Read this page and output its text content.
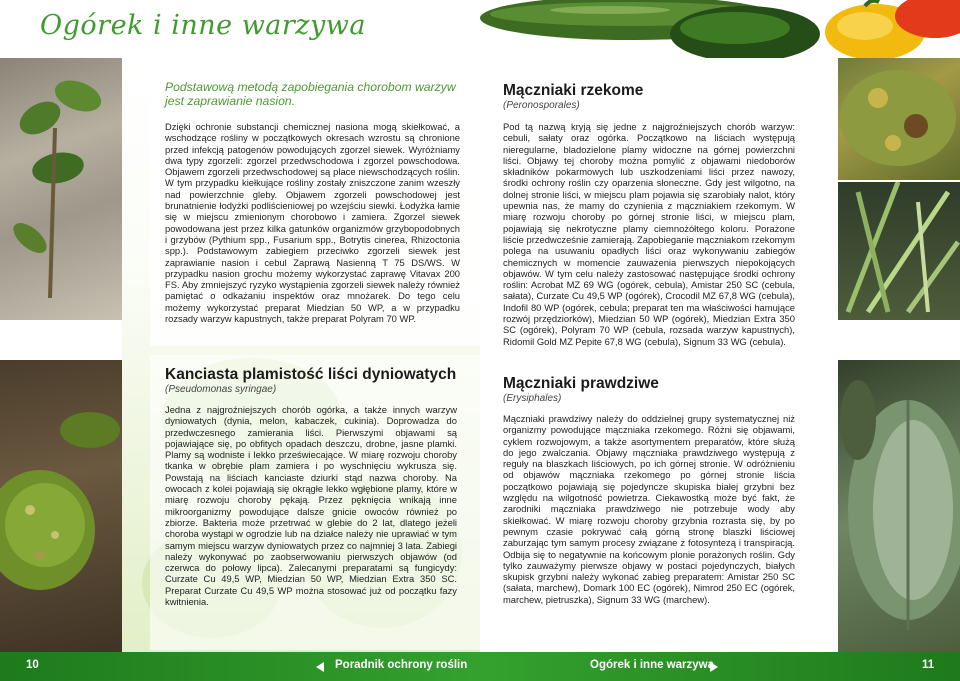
Ogórek i inne warzywa
Podstawową metodą zapobiegania chorobom warzyw jest zaprawianie nasion.
Dzięki ochronie substancji chemicznej nasiona mogą skiełkować, a wschodzące rośliny w początkowych okresach wzrostu są chronione przed infekcją patogenów powodujących zgorzel siewek. Wyróżniamy dwa typy zgorzeli: zgorzel przedwschodowa i zgorzel powschodowa. Objawem zgorzeli przedwschodowej są place niewschodzących roślin. W tym przypadku kiełkujące rośliny zostały zniszczone zanim wzeszły nad powierzchnie gleby. Objawem zgorzeli powschodowej jest brunatnienie łodyżki podliścieniowej po wzejściu siewki. Łodyżka łamie się w miejscu zmienionym chorobowo i zamiera. Zgorzel siewek powodowana jest przez kilka gatunków organizmów grzybopodobnych i grzybów (Pythium spp., Fusarium spp., Botrytis cinerea, Rhizoctonia spp.). Podstawowym zabiegiem przeciwko zgorzeli siewek jest zaprawianie nasion i cebul Zaprawą Nasienną T 75 DS/WS. W przypadku nasion grochu możemy wykorzystać zaprawę Vitavax 200 FS. Aby zmniejszyć ryzyko wystąpienia zgorzeli siewek należy również pamiętać o odkażaniu inspektów oraz mnożarek. Do tego celu możemy wykorzystać preparat Miedzian 50 WP, a w przypadku rozsady warzyw kapustnych, także preparat Polyram 70 WP.
Kanciasta plamistość liści dyniowatych
(Pseudomonas syringae)
Jedna z najgroźniejszych chorób ogórka, a także innych warzyw dyniowatych (dynia, melon, kabaczek, cukinia). Doprowadza do przedwczesnego zamierania liści. Pierwszymi objawami są pojawiające się, po obfitych opadach deszczu, drobne, jasne plamki. Plamy są wodniste i lekko przeświecające. W miarę rozwoju choroby tkanka w obrębie plam zamiera i po wyschnięciu wykrusza się. Powstają na liściach kanciaste dziurki stąd nazwa choroby. Na owocach z kolei pojawiają się okrągłe lekko wgłębione plamy, które w miarę rozwoju choroby pękają. Przez pęknięcia wnikają inne mikroorganizmy powodujące dalsze gnicie owoców również po zbiorze. Bakteria może przetrwać w glebie do 2 lat, dlatego jeżeli choroba wystąpi w ogrodzie lub na działce należy nie uprawiać w tym samym miejscu warzyw dyniowatych przez co najmniej 3 lata. Zabiegi należy wykonywać po zaobserwowaniu pierwszych objawów (od czerwca do połowy lipca). Zalecanymi preparatami są fungicydy: Curzate Cu 49,5 WP, Miedzian 50 WP, Miedzian Extra 350 SC. Preparat Curzate Cu 49,5 WP można stosować już od początku fazy kwitnienia.
Mączniaki rzekome
(Peronosporales)
Pod tą nazwą kryją się jedne z najgroźniejszych chorób warzyw: cebuli, sałaty oraz ogórka. Początkowo na liściach występują nieregularne, bladozielone plamy widoczne na górnej powierzchni liści. Objawy tej choroby można pomylić z objawami niedoborów składników pokarmowych lub uszkodzeniami liści przez nawozy, środki ochrony roślin czy oparzenia słoneczne. Gdy jest wilgotno, na dolnej stronie liści, w miejscu plam pojawia się szarobiały nalot, który upewnia nas, że mamy do czynienia z mączniakiem rzekomym. W miarę rozwoju choroby po górnej stronie liści, w miejscu plam, pojawiają się nekrotyczne plamy ciemnożółtego koloru. Porażone liście przedwcześnie zamierają. Zapobieganie mączniakom rzekomym polega na usuwaniu opadłych liści oraz wykonywaniu zabiegów chemicznych w momencie zauważenia pierwszych niepokojących objawów. W tym celu należy zastosować następujące środki ochrony roślin: Acrobat MZ 69 WG (ogórek, cebula), Amistar 250 SC (cebula, sałata), Curzate Cu 49,5 WP (ogórek), Crocodil MZ 67,8 WG (cebula), Indofil 80 WP (ogórek, cebula; preparat ten ma właściwości hamujące rozwój przędziorków), Miedzian 50 WP (ogórek), Miedzian Extra 350 SC (ogórek), Polyram 70 WP (cebula, rozsada warzyw kapustnych), Ridomil Gold MZ Pepite 67,8 WG (cebula), Signum 33 WG (cebula).
Mączniaki prawdziwe
(Erysiphales)
Mączniaki prawdziwy należy do oddzielnej grupy systematycznej niż organizmy powodujące mączniaka rzekomego. Różni się objawami, cyklem rozwojowym, a także asortymentem preparatów, które służą do jego zwalczania. Objawy mączniaka prawdziwego występują z reguły na blaszkach liściowych, po ich górnej stronie. W odróżnieniu od objawów mączniaka rzekomego po górnej stronie liścia początkowo pojawiają się pojedyncze skupiska białej grzybni bez względu na wilgotność powietrza. Ciekawostką może być fakt, że zarodniki mączniaka prawdziwego nie potrzebuje wody aby skiełkować. W miarę rozwoju choroby grzybnia rozrasta się, by po pewnym czasie pokrywać całą górną stronę blaszki liściowej zaburzając tym samym procesy związane z fotosyntezą i transpiracją. Odbija się to negatywnie na końcowym plonie porażonych roślin. Gdy tylko zauważymy pierwsze objawy w postaci pojedynczych, białych skupisk grzybni należy wykonać zabieg preparatem: Amistar 250 SC (sałata, marchew), Domark 100 EC (ogórek), Nimrod 250 EC (ogórek, marchew, pietruszka), Signum 33 WG (marchew).
10	Poradnik ochrony roślin	Ogórek i inne warzywa	11
